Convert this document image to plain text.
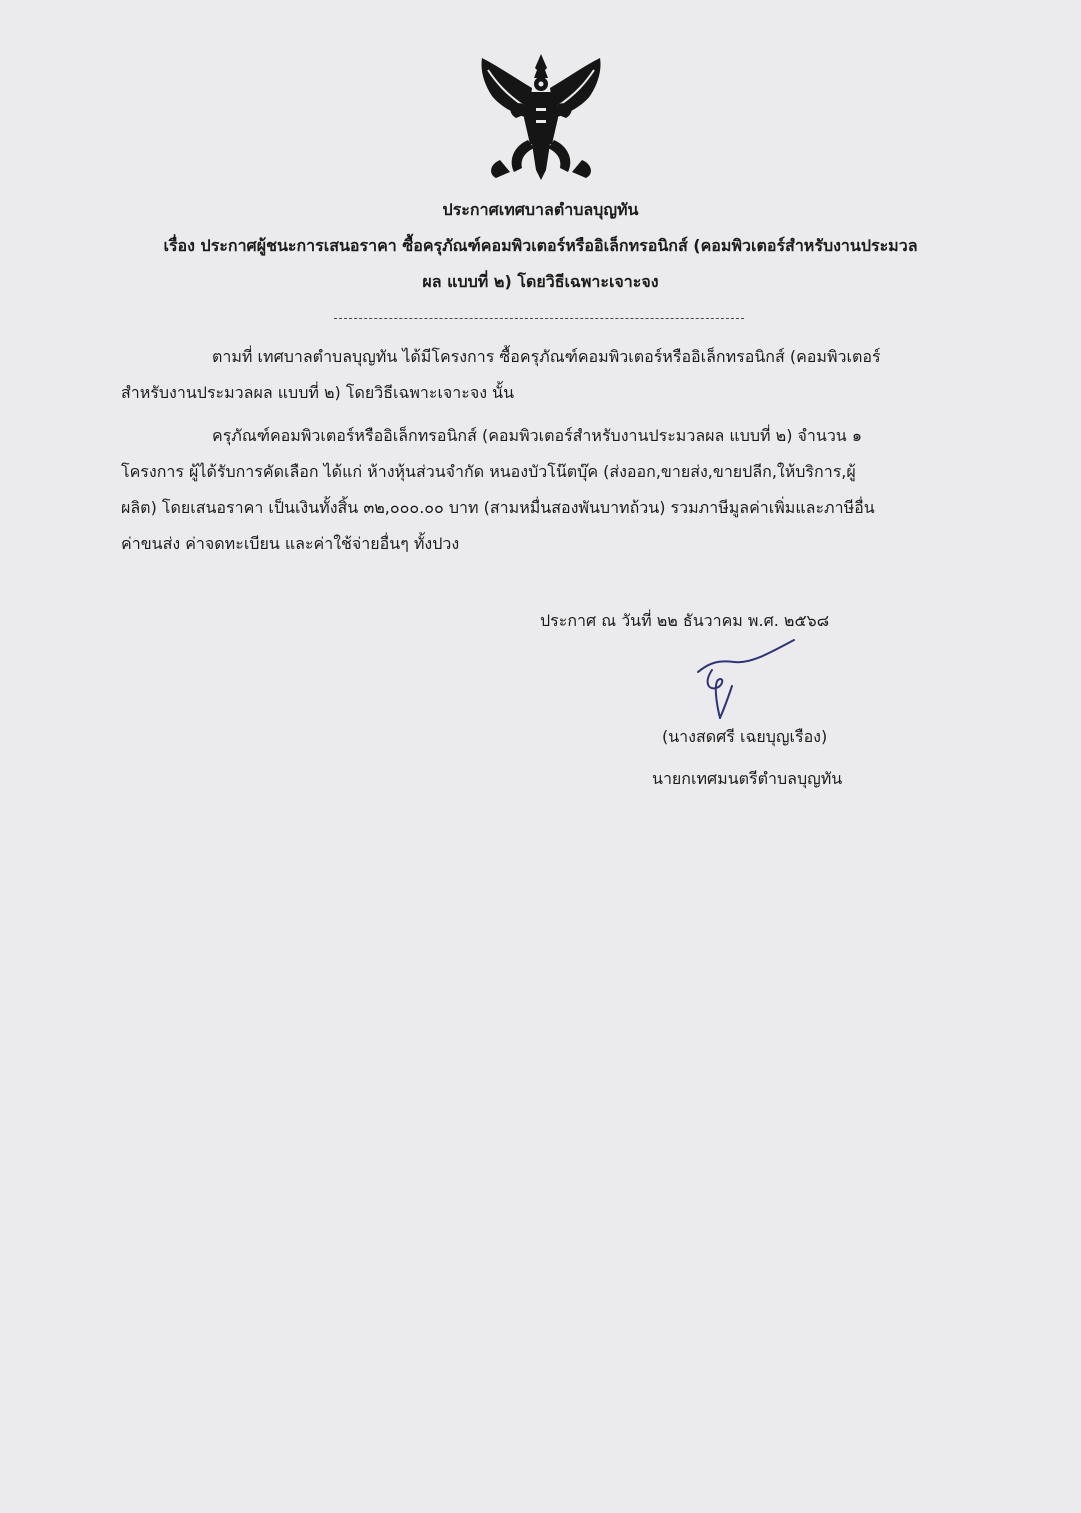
ประกาศเทศบาลตำบลบุญทัน
เรื่อง ประกาศผู้ชนะการเสนอราคา ซื้อครุภัณฑ์คอมพิวเตอร์หรืออิเล็กทรอนิกส์ (คอมพิวเตอร์สำหรับงานประมวล
ผล แบบที่ ๒) โดยวิธีเฉพาะเจาะจง
ตามที่ เทศบาลตำบลบุญทัน ได้มีโครงการ ซื้อครุภัณฑ์คอมพิวเตอร์หรืออิเล็กทรอนิกส์ (คอมพิวเตอร์
สำหรับงานประมวลผล แบบที่ ๒) โดยวิธีเฉพาะเจาะจง นั้น
ครุภัณฑ์คอมพิวเตอร์หรืออิเล็กทรอนิกส์ (คอมพิวเตอร์สำหรับงานประมวลผล แบบที่ ๒) จำนวน ๑
โครงการ ผู้ได้รับการคัดเลือก ได้แก่ ห้างหุ้นส่วนจำกัด หนองบัวโน๊ตบุ๊ค (ส่งออก,ขายส่ง,ขายปลีก,ให้บริการ,ผู้
ผลิต) โดยเสนอราคา เป็นเงินทั้งสิ้น ๓๒,๐๐๐.๐๐ บาท (สามหมื่นสองพันบาทถ้วน) รวมภาษีมูลค่าเพิ่มและภาษีอื่น
ค่าขนส่ง ค่าจดทะเบียน และค่าใช้จ่ายอื่นๆ ทั้งปวง
ประกาศ ณ วันที่ ๒๒ ธันวาคม พ.ศ. ๒๕๖๘
(นางสดศรี เฉยบุญเรือง)
นายกเทศมนตรีตำบลบุญทัน
